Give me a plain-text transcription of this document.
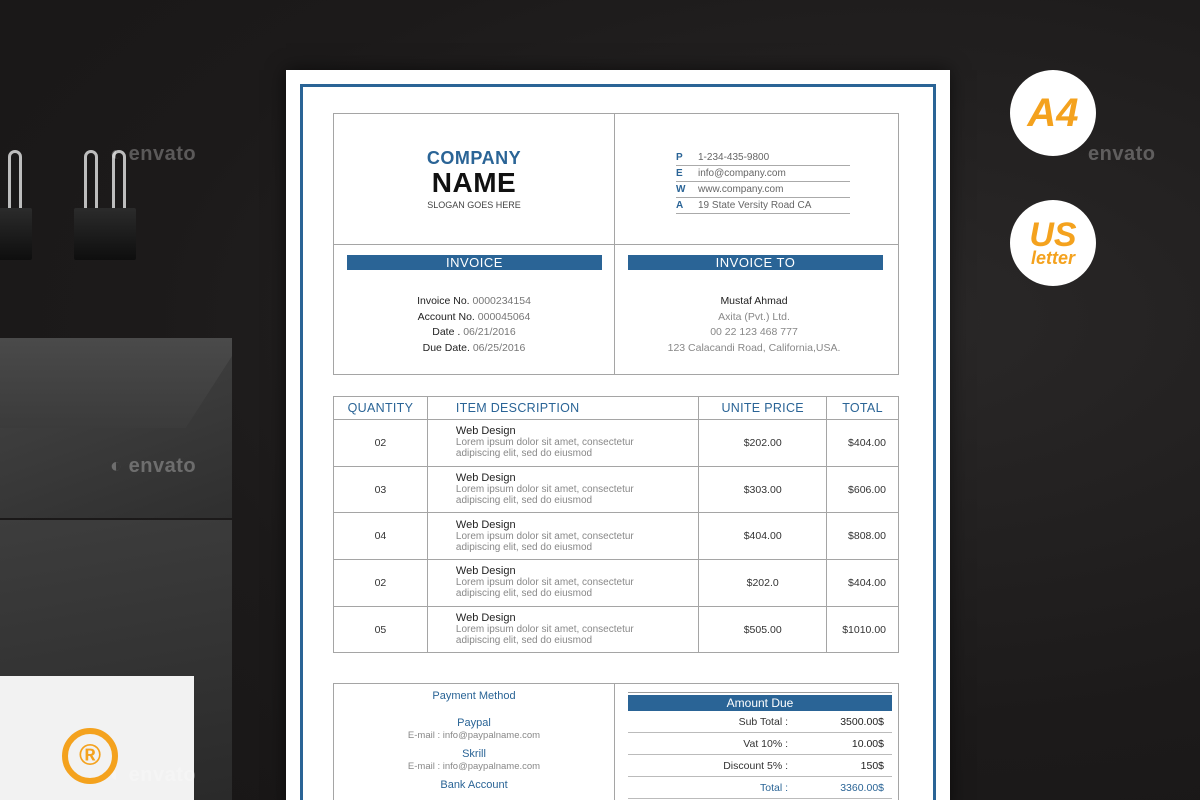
®
◐ envato
◐ envato
◐ envato
envato
A4
US
letter
COMPANY
NAME
SLOGAN GOES HERE
P	1-234-435-9800
E	info@company.com
W	www.company.com
A	19 State Versity Road CA
INVOICE	INVOICE TO
Invoice No. 0000234154
Account No. 000045064
Date . 06/21/2016
Due Date. 06/25/2016
Mustaf Ahmad
Axita (Pvt.) Ltd.
00 22 123 468 777
123 Calacandi Road, California,USA.
QUANTITY	ITEM DESCRIPTION	UNITE PRICE	TOTAL
02	Web Design
Lorem ipsum dolor sit amet, consectetur
adipiscing elit, sed do eiusmod	$202.00	$404.00
03	Web Design
Lorem ipsum dolor sit amet, consectetur
adipiscing elit, sed do eiusmod	$303.00	$606.00
04	Web Design
Lorem ipsum dolor sit amet, consectetur
adipiscing elit, sed do eiusmod	$404.00	$808.00
02	Web Design
Lorem ipsum dolor sit amet, consectetur
adipiscing elit, sed do eiusmod	$202.0	$404.00
05	Web Design
Lorem ipsum dolor sit amet, consectetur
adipiscing elit, sed do eiusmod	$505.00	$1010.00
Payment Method
Paypal
E-mail : info@paypalname.com
Skrill
E-mail : info@paypalname.com
Bank Account
Amount Due
Sub Total :	3500.00$
Vat 10% :	10.00$
Discount 5% :	150$
Total :	3360.00$
